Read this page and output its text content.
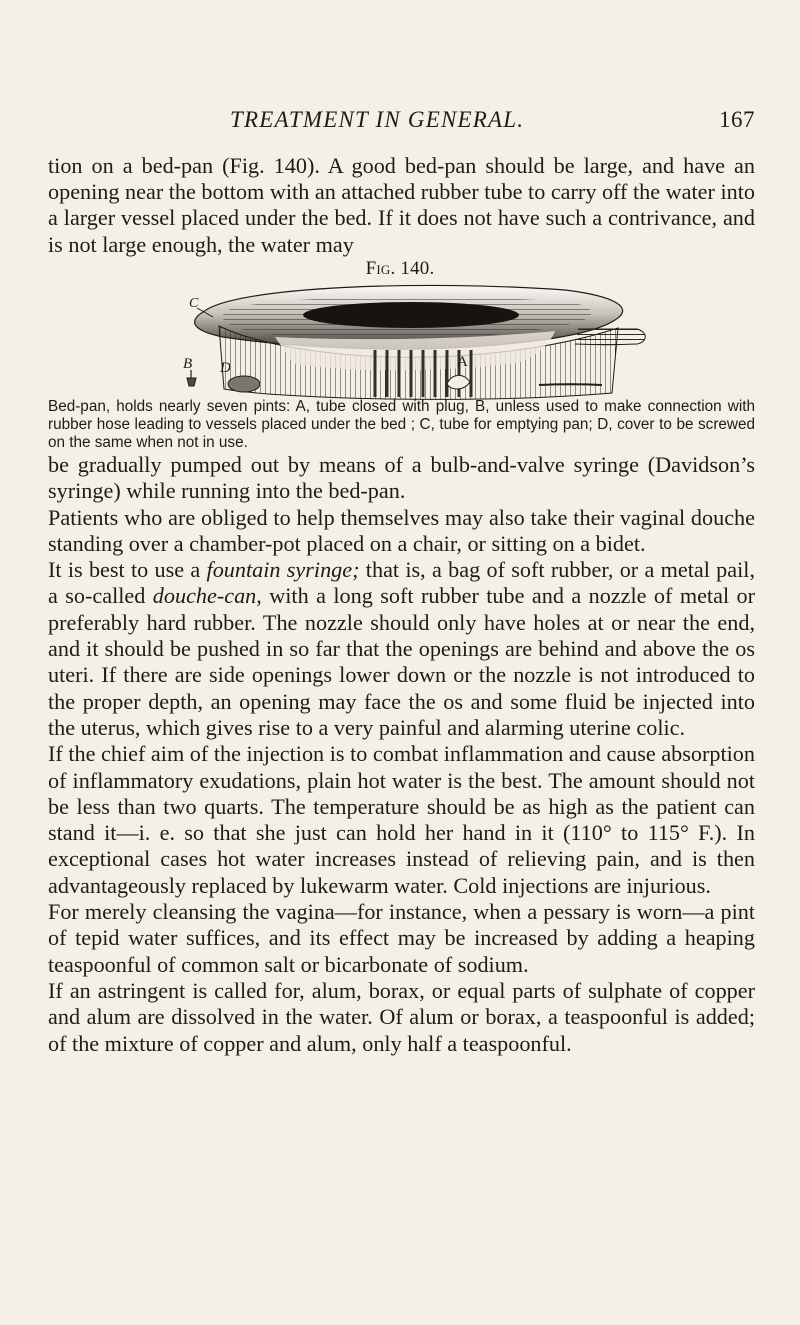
TREATMENT IN GENERAL.	167

tion on a bed-pan (Fig. 140). A good bed-pan should be large, and have an opening near the bottom with an attached rubber tube to carry off the water into a larger vessel placed under the bed. If it does not have such a contrivance, and is not large enough, the water may

Fig. 140.
C
B D	A
Bed-pan, holds nearly seven pints: A, tube closed with plug, B, unless used to make connection with rubber hose leading to vessels placed under the bed ; C, tube for emptying pan; D, cover to be screwed on the same when not in use.

be gradually pumped out by means of a bulb-and-valve syringe (Davidson’s syringe) while running into the bed-pan.

Patients who are obliged to help themselves may also take their vaginal douche standing over a chamber-pot placed on a chair, or sitting on a bidet.

It is best to use a fountain syringe; that is, a bag of soft rubber, or a metal pail, a so-called douche-can, with a long soft rubber tube and a nozzle of metal or preferably hard rubber. The nozzle should only have holes at or near the end, and it should be pushed in so far that the openings are behind and above the os uteri. If there are side openings lower down or the nozzle is not introduced to the proper depth, an opening may face the os and some fluid be injected into the uterus, which gives rise to a very painful and alarming uterine colic.

If the chief aim of the injection is to combat inflammation and cause absorption of inflammatory exudations, plain hot water is the best. The amount should not be less than two quarts. The temperature should be as high as the patient can stand it—i. e. so that she just can hold her hand in it (110° to 115° F.). In exceptional cases hot water increases instead of relieving pain, and is then advantageously replaced by lukewarm water. Cold injections are injurious.

For merely cleansing the vagina—for instance, when a pessary is worn—a pint of tepid water suffices, and its effect may be increased by adding a heaping teaspoonful of common salt or bicarbonate of sodium.

If an astringent is called for, alum, borax, or equal parts of sulphate of copper and alum are dissolved in the water. Of alum or borax, a teaspoonful is added; of the mixture of copper and alum, only half a teaspoonful.
